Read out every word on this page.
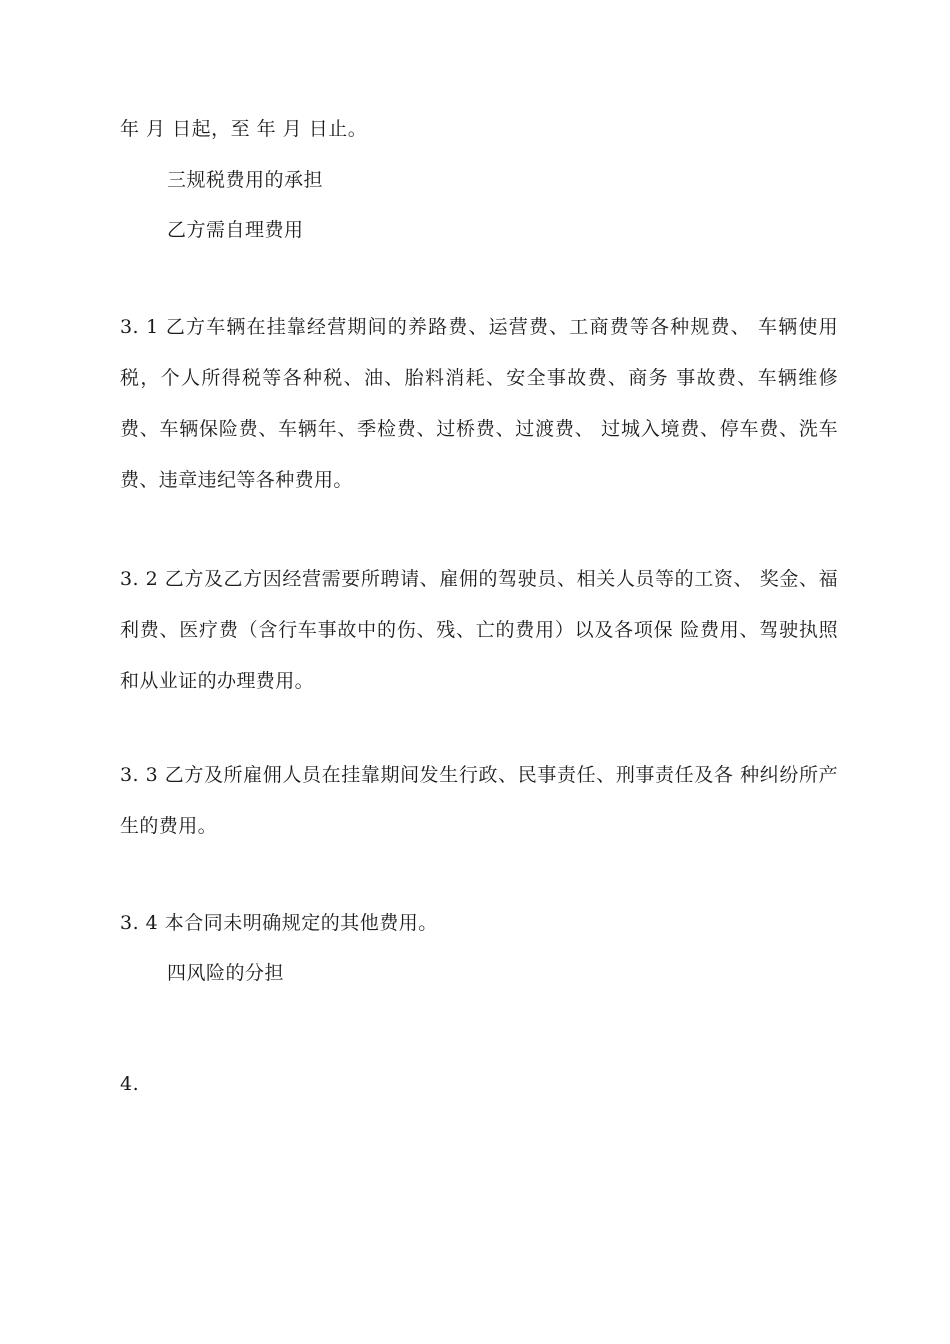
年 月 日起，至 年 月 日止。
三规税费用的承担
乙方需自理费用
3. 1 乙方车辆在挂靠经营期间的养路费、运营费、工商费等各种规费、 车辆使用税，个人所得税等各种税、油、胎料消耗、安全事故费、商务 事故费、车辆维修费、车辆保险费、车辆年、季检费、过桥费、过渡费、 过城入境费、停车费、洗车费、违章违纪等各种费用。
3. 2 乙方及乙方因经营需要所聘请、雇佣的驾驶员、相关人员等的工资、 奖金、福利费、医疗费（含行车事故中的伤、残、亡的费用）以及各项保 险费用、驾驶执照和从业证的办理费用。
3. 3 乙方及所雇佣人员在挂靠期间发生行政、民事责任、刑事责任及各 种纠纷所产生的费用。
3. 4 本合同未明确规定的其他费用。
四风险的分担
4.
